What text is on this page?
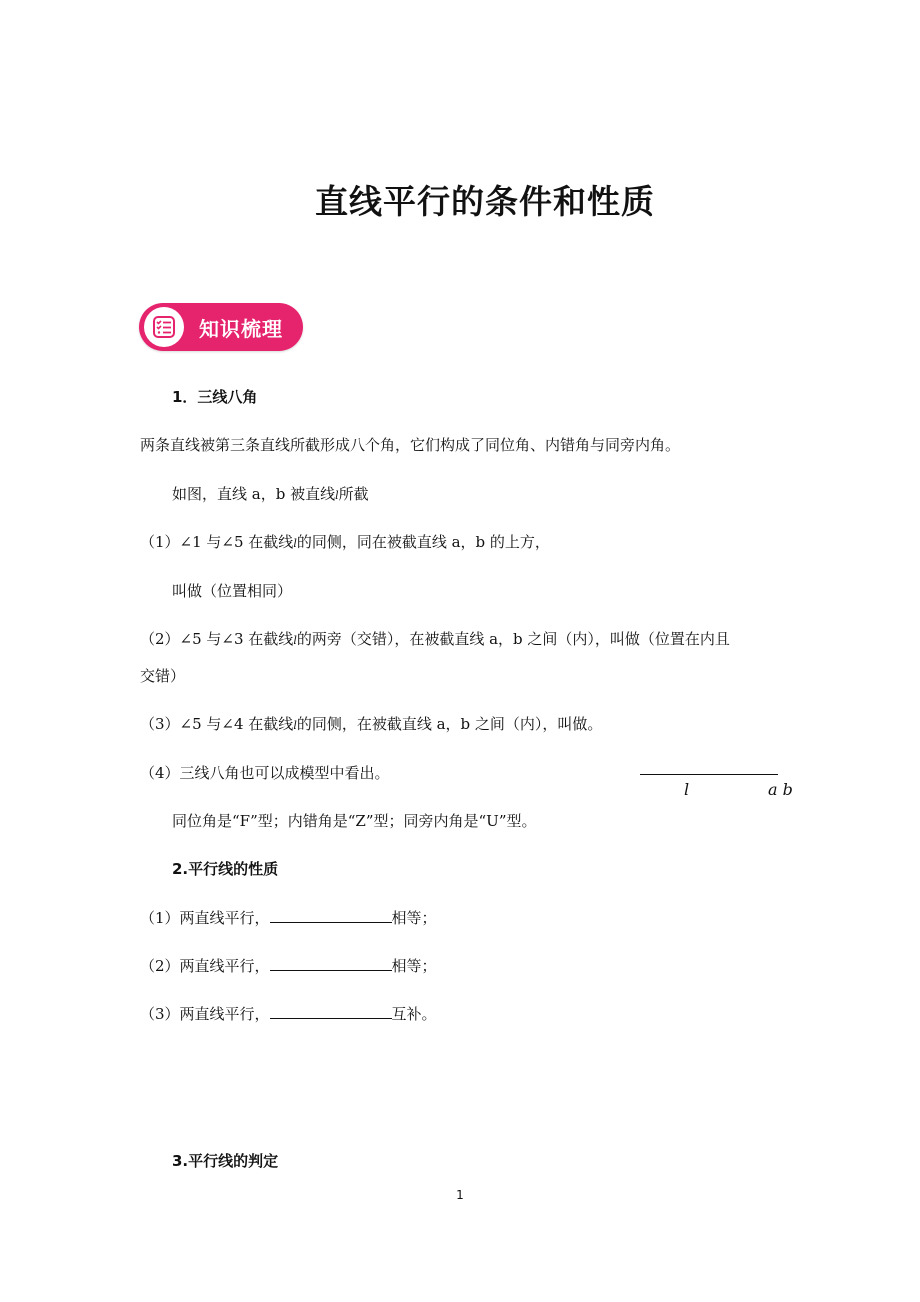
直线平行的条件和性质
知识梳理
1．三线八角
两条直线被第三条直线所截形成八个角，它们构成了同位角、内错角与同旁内角。
如图，直线 a，b 被直线l所截
（1）∠1 与∠5 在截线l的同侧，同在被截直线 a，b 的上方，
叫做（位置相同）
（2）∠5 与∠3 在截线l的两旁（交错），在被截直线 a，b 之间（内），叫做（位置在内且
交错）
（3）∠5 与∠4 在截线l的同侧，在被截直线 a，b 之间（内），叫做。
（4）三线八角也可以成模型中看出。
l	a b
同位角是“F”型；内错角是“Z”型；同旁内角是“U”型。
2.平行线的性质
（1）两直线平行，	相等；
（2）两直线平行，	相等；
（3）两直线平行，	互补。
3.平行线的判定
1
